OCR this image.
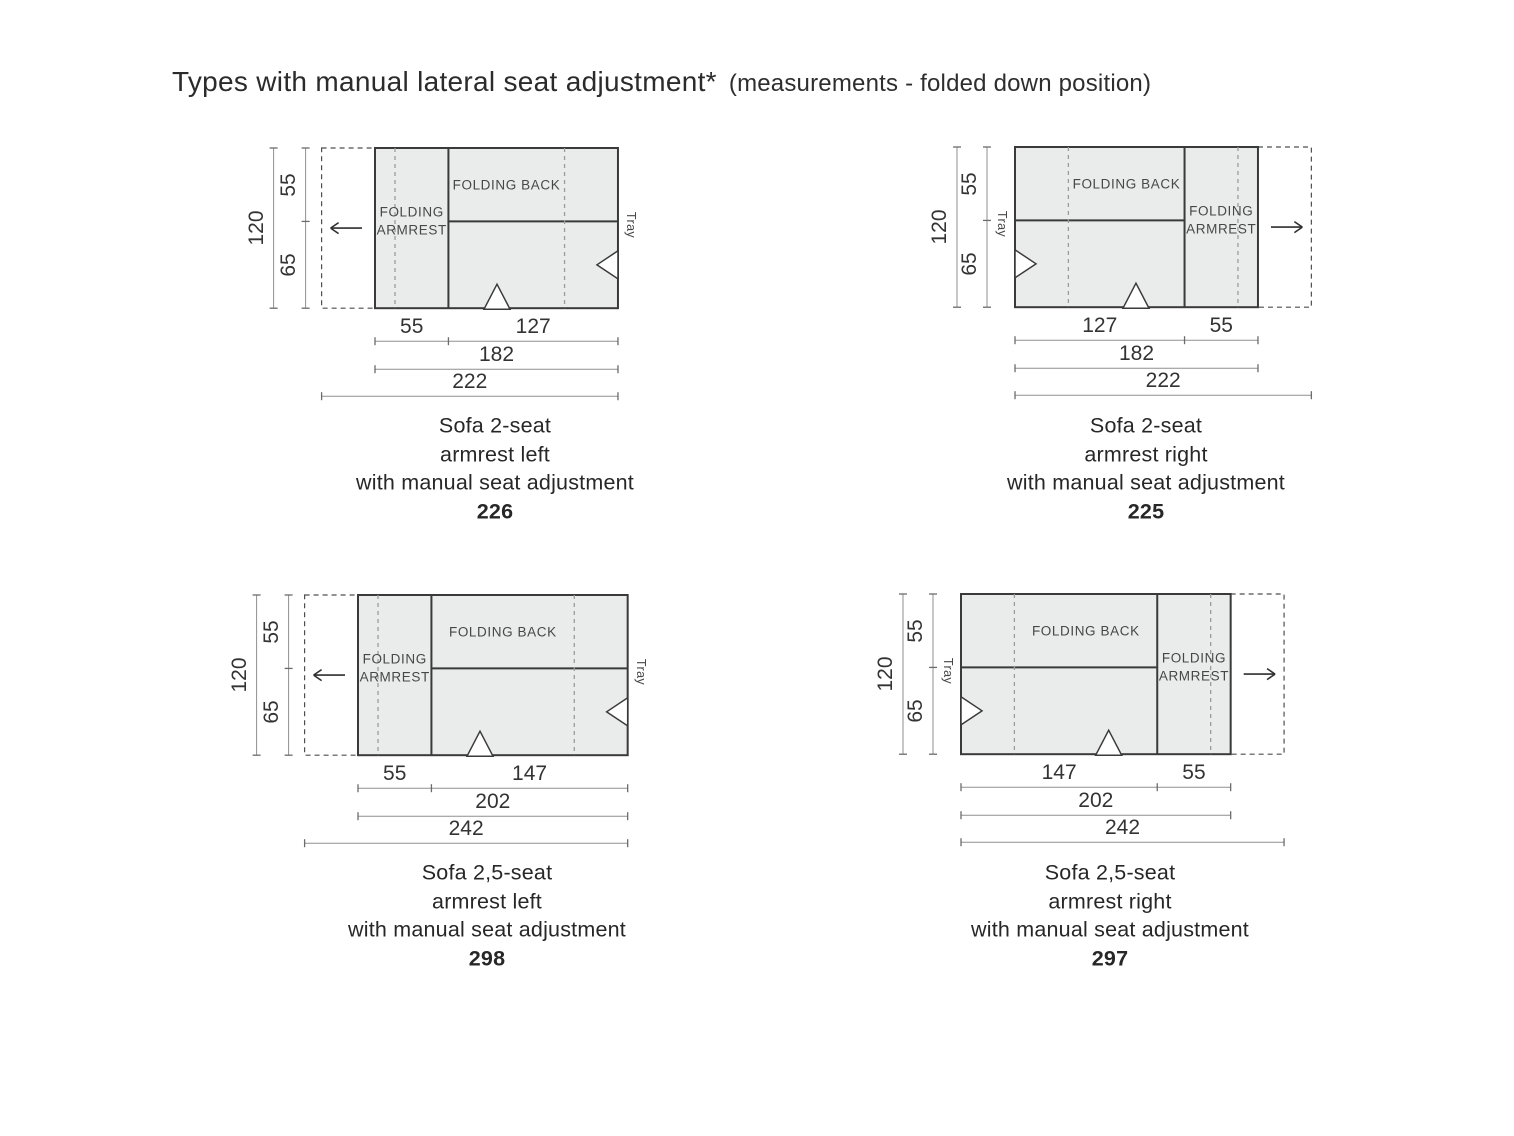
Types with manual lateral seat adjustment* (measurements - folded down position)
FOLDING BACK
FOLDING
ARMREST	Tray
120
55
65
55	127
182
222
Sofa 2-seat
armrest left
with manual seat adjustment
226
FOLDING BACK
FOLDING
ARMREST
Tray
120
55
65
55
127
182
222
Sofa 2-seat
armrest right
with manual seat adjustment
225
FOLDING BACK
FOLDING
ARMREST	Tray
120
55
65
55	147
202
242
Sofa 2,5-seat
armrest left
with manual seat adjustment
298
FOLDING BACK
FOLDING
ARMREST
Tray
120
55
65
55
147
202
242
Sofa 2,5-seat
armrest right
with manual seat adjustment
297
